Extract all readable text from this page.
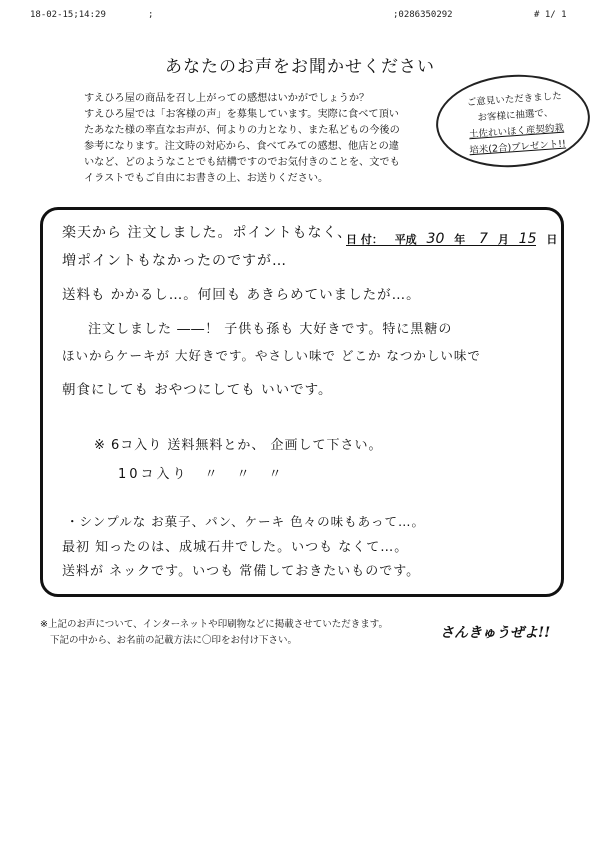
18-02-15;14:29	;	;0286350292	# 1/ 1
あなたのお声をお聞かせください
すえひろ屋の商品を召し上がっての感想はいかがでしょうか？
すえひろ屋では「お客様の声」を募集しています。実際に食べて頂い
たあなた様の率直なお声が、何よりの力となり、また私どもの今後の
参考になります。注文時の対応から、食べてみての感想、他店との違
いなど、どのようなことでも結構ですのでお気付きのことを、文でも
イラストでもご自由にお書きの上、お送りください。
ご意見いただきました
お客様に抽選で、
土佐れいほく産契約栽
培米(2合)プレゼント!!
日 付： 平成 30 年 7 月 15 日
楽天から 注文しました。ポイントもなく、
増ポイントもなかったのですが…
送料も かかるし…。何回も あきらめていましたが…。
注文しました ――！ 子供も孫も 大好きです。特に黒糖の
ほいからケーキが 大好きです。やさしい味で どこか なつかしい味で
朝食にしても おやつにしても いいです。
※ 6コ入り 送料無料とか、 企画して下さい。
10コ入り　〃　〃　〃
・シンプルな お菓子、パン、ケーキ 色々の味もあって…。
最初 知ったのは、成城石井でした。いつも なくて…。
送料が ネックです。いつも 常備しておきたいものです。
※上記のお声について、インターネットや印刷物などに掲載させていただきます。
下記の中から、お名前の記載方法に〇印をお付け下さい。	さんきゅうぜよ!!
